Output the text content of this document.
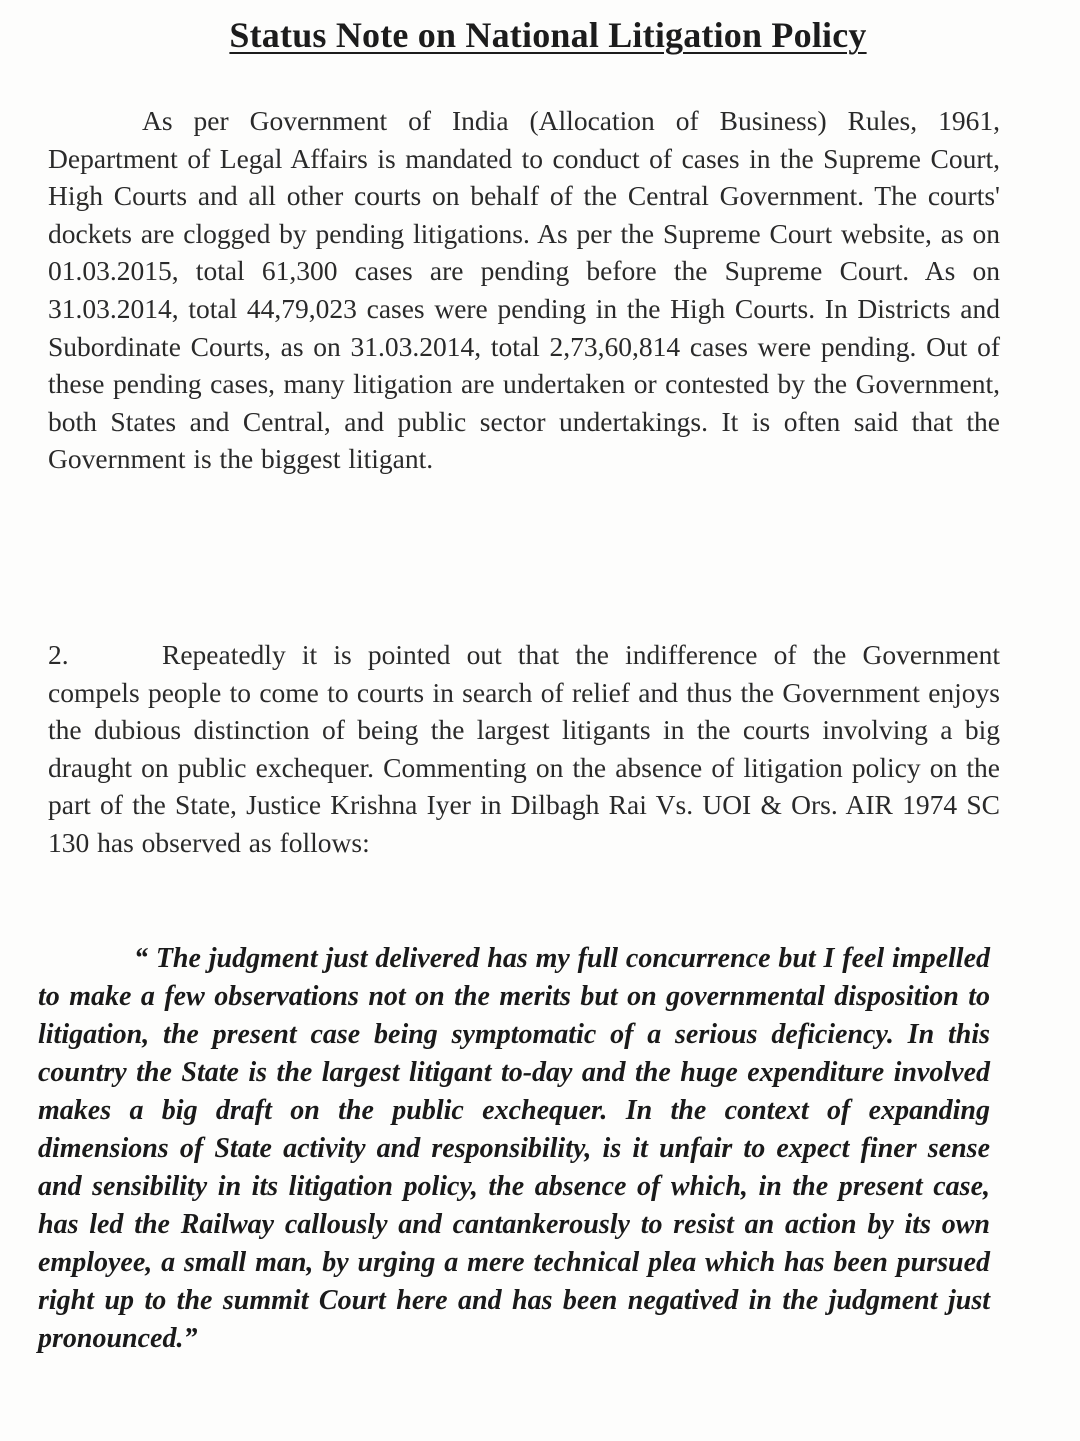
Status Note on National Litigation Policy

As per Government of India (Allocation of Business) Rules, 1961, Department of Legal Affairs is mandated to conduct of cases in the Supreme Court, High Courts and all other courts on behalf of the Central Government. The courts' dockets are clogged by pending litigations. As per the Supreme Court website, as on 01.03.2015, total 61,300 cases are pending before the Supreme Court. As on 31.03.2014, total 44,79,023 cases were pending in the High Courts. In Districts and Subordinate Courts, as on 31.03.2014, total 2,73,60,814 cases were pending. Out of these pending cases, many litigation are undertaken or contested by the Government, both States and Central, and public sector undertakings. It is often said that the Government is the biggest litigant.

2.	Repeatedly it is pointed out that the indifference of the Government compels people to come to courts in search of relief and thus the Government enjoys the dubious distinction of being the largest litigants in the courts involving a big draught on public exchequer. Commenting on the absence of litigation policy on the part of the State, Justice Krishna Iyer in Dilbagh Rai Vs. UOI & Ors. AIR 1974 SC 130 has observed as follows:

“ The judgment just delivered has my full concurrence but I feel impelled to make a few observations not on the merits but on governmental disposition to litigation, the present case being symptomatic of a serious deficiency. In this country the State is the largest litigant to-day and the huge expenditure involved makes a big draft on the public exchequer. In the context of expanding dimensions of State activity and responsibility, is it unfair to expect finer sense and sensibility in its litigation policy, the absence of which, in the present case, has led the Railway callously and cantankerously to resist an action by its own employee, a small man, by urging a mere technical plea which has been pursued right up to the summit Court here and has been negatived in the judgment just pronounced.”
